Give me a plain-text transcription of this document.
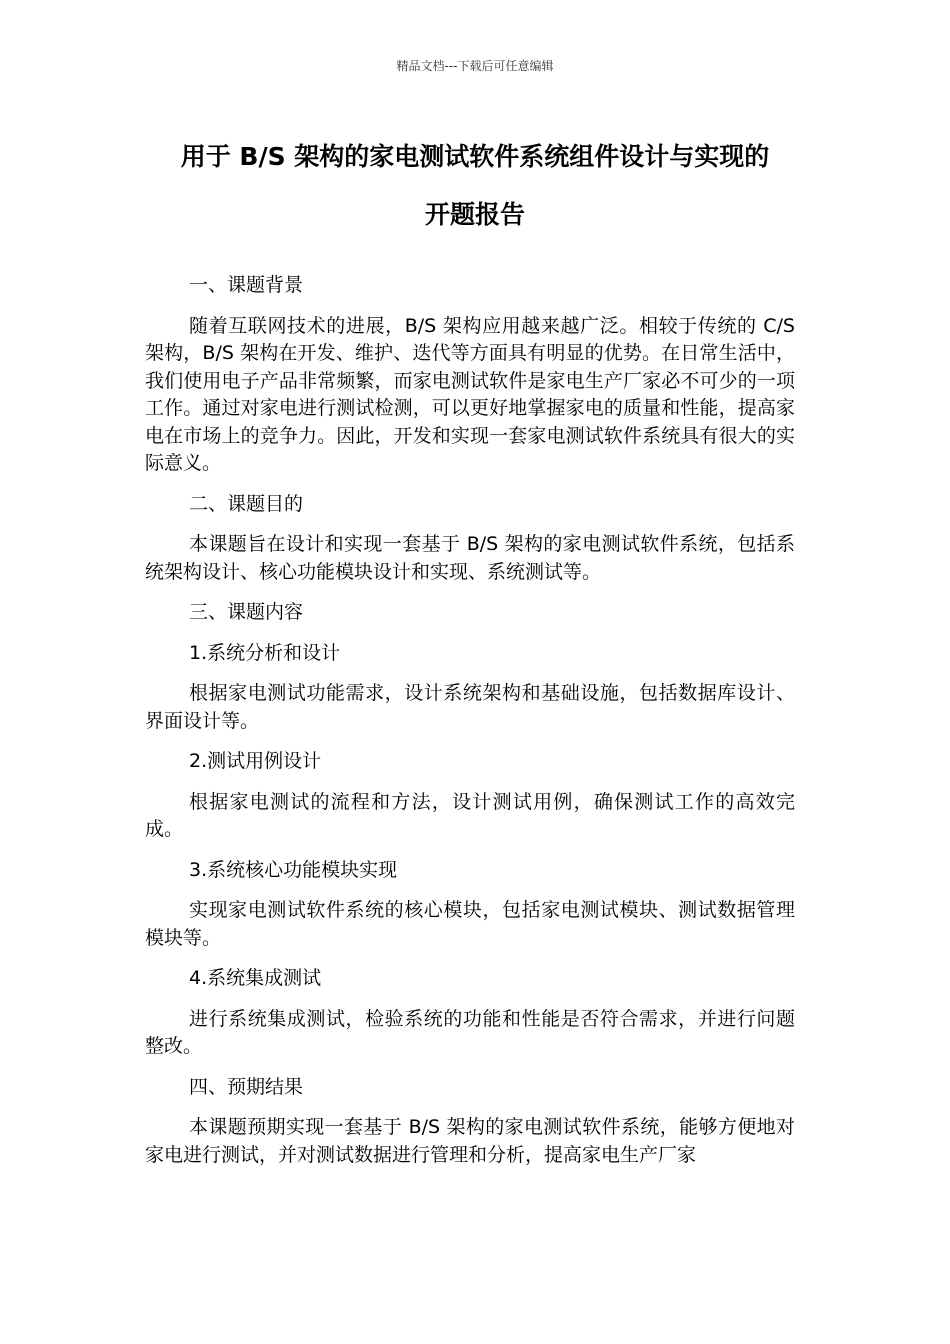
精品文档---下载后可任意编辑
用于 B/S 架构的家电测试软件系统组件设计与实现的
开题报告

一、课题背景

随着互联网技术的进展，B/S 架构应用越来越广泛。相较于传统的 C/S 架构，B/S 架构在开发、维护、迭代等方面具有明显的优势。在日常生活中，我们使用电子产品非常频繁，而家电测试软件是家电生产厂家必不可少的一项工作。通过对家电进行测试检测，可以更好地掌握家电的质量和性能，提高家电在市场上的竞争力。因此，开发和实现一套家电测试软件系统具有很大的实际意义。

二、课题目的

本课题旨在设计和实现一套基于 B/S 架构的家电测试软件系统，包括系统架构设计、核心功能模块设计和实现、系统测试等。

三、课题内容

1.系统分析和设计

根据家电测试功能需求，设计系统架构和基础设施，包括数据库设计、界面设计等。

2.测试用例设计

根据家电测试的流程和方法，设计测试用例，确保测试工作的高效完成。

3.系统核心功能模块实现

实现家电测试软件系统的核心模块，包括家电测试模块、测试数据管理模块等。

4.系统集成测试

进行系统集成测试，检验系统的功能和性能是否符合需求，并进行问题整改。

四、预期结果

本课题预期实现一套基于 B/S 架构的家电测试软件系统，能够方便地对家电进行测试，并对测试数据进行管理和分析，提高家电生产厂家
